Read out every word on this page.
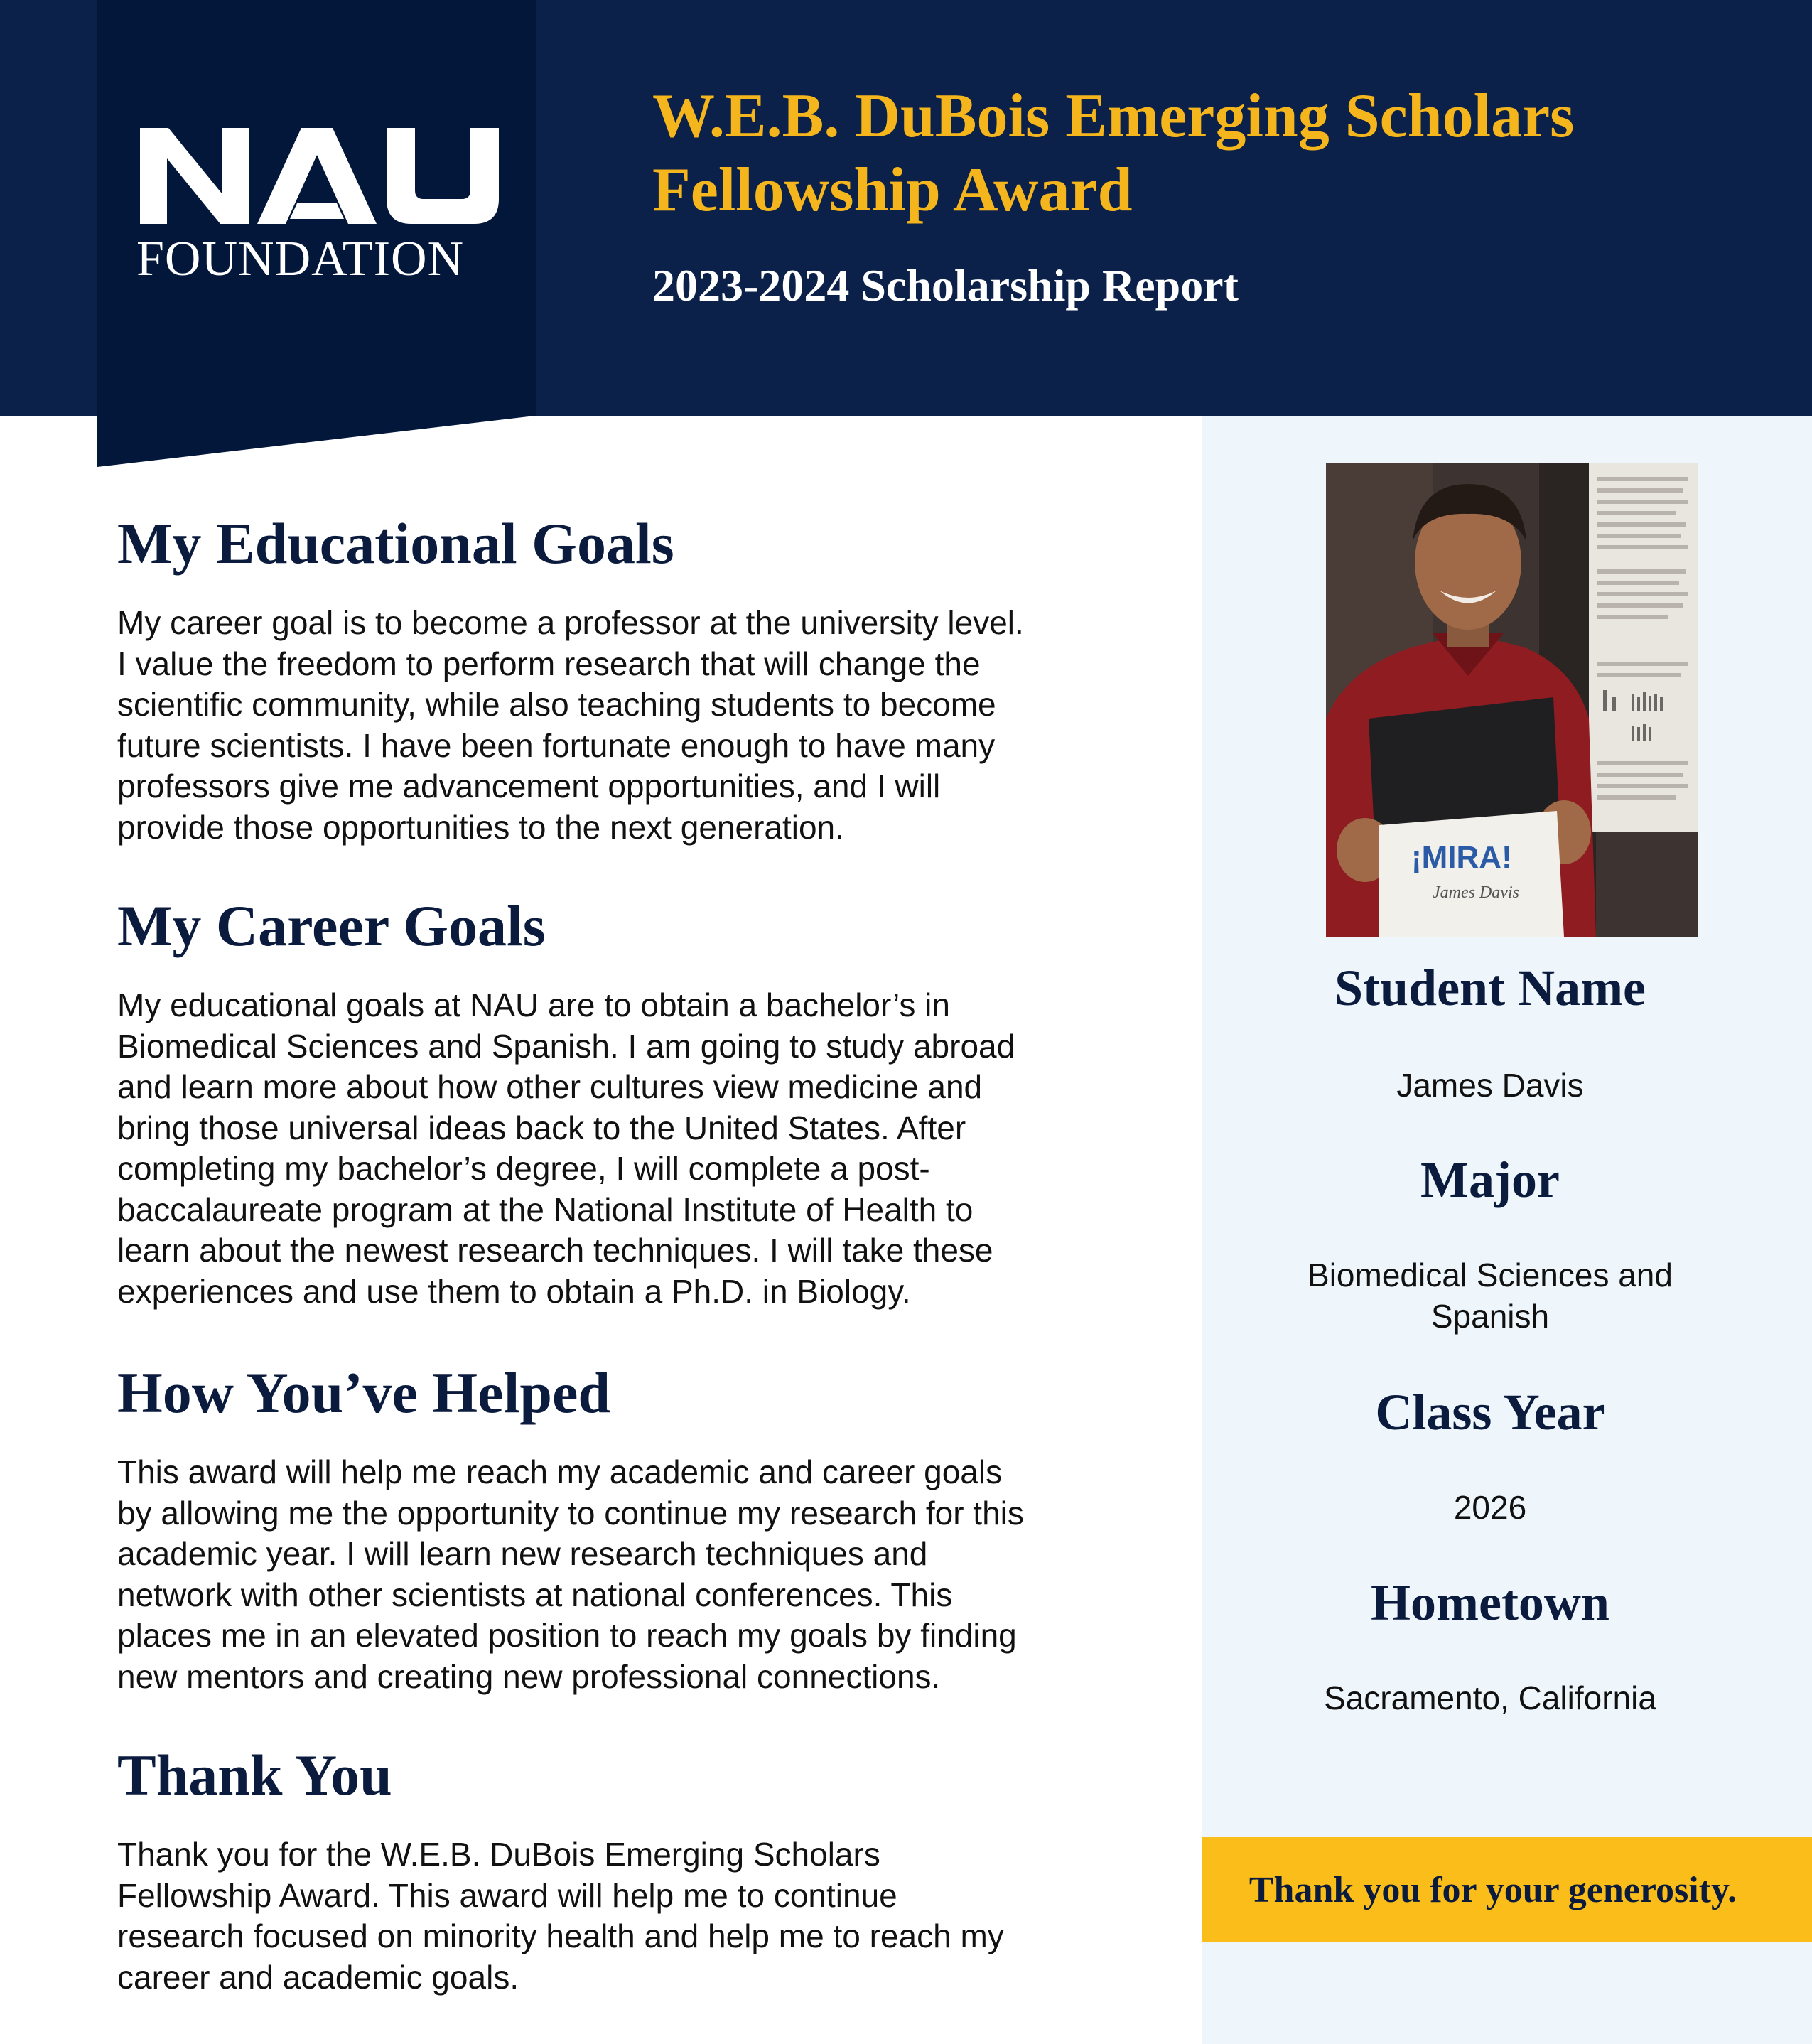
FOUNDATION
W.E.B. DuBois Emerging Scholars
Fellowship Award

2023-2024 Scholarship Report

My Educational Goals

My career goal is to become a professor at the university level.
I value the freedom to perform research that will change the
scientific community, while also teaching students to become
future scientists. I have been fortunate enough to have many
professors give me advancement opportunities, and I will
provide those opportunities to the next generation.

My Career Goals

My educational goals at NAU are to obtain a bachelor’s in
Biomedical Sciences and Spanish. I am going to study abroad
and learn more about how other cultures view medicine and
bring those universal ideas back to the United States. After
completing my bachelor’s degree, I will complete a post-
baccalaureate program at the National Institute of Health to
learn about the newest research techniques. I will take these
experiences and use them to obtain a Ph.D. in Biology.

How You’ve Helped

This award will help me reach my academic and career goals
by allowing me the opportunity to continue my research for this
academic year. I will learn new research techniques and
network with other scientists at national conferences. This
places me in an elevated position to reach my goals by finding
new mentors and creating new professional connections.

Thank You

Thank you for the W.E.B. DuBois Emerging Scholars
Fellowship Award. This award will help me to continue
research focused on minority health and help me to reach my
career and academic goals.

¡MIRA!
James Davis

Student Name

James Davis

Major

Biomedical Sciences and
Spanish

Class Year

2026

Hometown

Sacramento, California

Thank you for your generosity.
